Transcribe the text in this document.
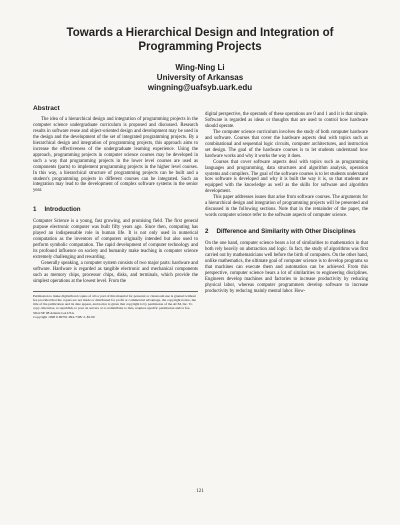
Towards a Hierarchical Design and Integration of
Programming Projects
Wing-Ning Li
University of Arkansas
wingning@uafsyb.uark.edu
Abstract

The idea of a hierarchical design and integration of programming projects in the computer science undergraduate curriculum is proposed and discussed. Research results in software reuse and object-oriented design and development may be used in the design and the development of the set of integrated programming projects. By a hierarchical design and integration of programming projects, this approach aims to increase the effectiveness of the undergraduate learning experience. Using the approach, programming projects in computer science courses may be developed in such a way that programming projects in the lower level courses are used as components (parts) to implement programming projects in the higher level courses. In this way, a hierarchical structure of programming projects can be built and a student's programming projects in different courses can be integrated. Such an integration may lead to the development of complex software systems in the senior year.

1 Introduction

Computer Science is a young, fast growing, and promising field. The first general purpose electronic computer was built fifty years ago. Since then, computing has played an indispensable role in human life. It is not only used in numerical computation as the inventors of computers originally intended but also used to perform symbolic computation. The rapid development of computer technology and its profound influence on society and humanity make teaching in computer science extremely challenging and rewarding.

Generally speaking, a computer system consists of two major parts: hardware and software. Hardware is regarded as tangible electronic and mechanical components such as memory chips, processor chips, disks, and terminals, which provide the simplest operations at the lowest level. From the

Permission to make digital/hard copies of all or part of this material for personal or classroom use is granted without fee provided that the copies are not made or distributed for profit or commercial advantage, the copyright notice, the title of the publication and its date appear, and notice is given that copyright is by permission of the ACM, Inc. To copy otherwise, to republish, to post on servers or to redistribute to lists, requires specific permission and/or fee.

SIGCSE 98 Atlanta GA USA

Copyright 1998 0-89791-994-7/98/ 2..$5.00

digital perspective, the operands of these operations are 0 and 1 and it is that simple. Software is regarded as ideas or thoughts that are used to control how hardware should operate.

The computer science curriculum involves the study of both computer hardware and software. Courses that cover the hardware aspects deal with topics such as combinational and sequential logic circuits, computer architectures, and instruction set design. The goal of the hardware courses is to let students understand how hardware works and why it works the way it does.

Courses that cover software aspects deal with topics such as programming languages and programming, data structures and algorithm analysis, operation systems and compilers. The goal of the software courses is to let students understand how software is developed and why it is built the way it is, so that students are equipped with the knowledge as well as the skills for software and algorithm development.

This paper addresses issues that arise from software courses. The arguments for a hierarchical design and integration of programming projects will be presented and discussed in the following sections. Note that in the remainder of the paper, the words computer science refer to the software aspects of computer science.

2 Difference and Similarity with Other Disciplines

On the one hand, computer science bears a lot of similarities to mathematics in that both rely heavily on abstraction and logic. In fact, the study of algorithms was first carried out by mathematicians well before the birth of computers. On the other hand, unlike mathematics, the ultimate goal of computer science is to develop programs so that machines can execute them and automation can be achieved. From this perspective, computer science bears a lot of similarities to engineering disciplines. Engineers develop machines and factories to increase productivity by reducing physical labor, whereas computer programmers develop software to increase productivity by reducing mainly mental labor. How-

121
